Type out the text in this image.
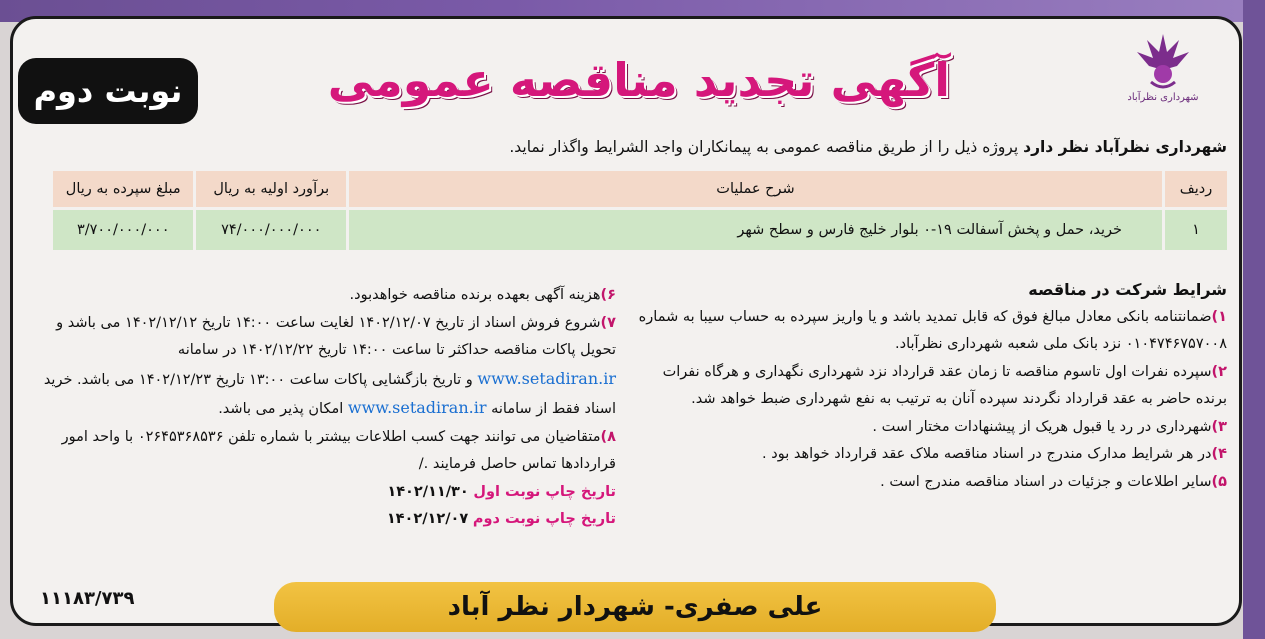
شهرداری نظرآباد
آگهی تجدید مناقصه عمومی
نوبت دوم
شهرداری نظرآباد نظر دارد پروژه ذیل را از طریق مناقصه عمومی به پیمانکاران واجد الشرایط واگذار نماید.
ردیف	شرح عملیات	برآورد اولیه به ریال	مبلغ سپرده به ریال
۱	خرید، حمل و پخش آسفالت ۱۹-۰ بلوار خلیج فارس و سطح شهر	۷۴/۰۰۰/۰۰۰/۰۰۰	۳/۷۰۰/۰۰۰/۰۰۰
شرایط شرکت در مناقصه
۱)ضمانتنامه بانکی معادل مبالغ فوق که قابل تمدید باشد و یا واریز سپرده به حساب سیبا به شماره ۰۱۰۴۷۴۶۷۵۷۰۰۸ نزد بانک ملی شعبه شهرداری نظرآباد.
۲)سپرده نفرات اول تاسوم مناقصه تا زمان عقد قرارداد نزد شهرداری نگهداری و هرگاه نفرات برنده حاضر به عقد قرارداد نگردند سپرده آنان به ترتیب به نفع شهرداری ضبط خواهد شد.
۳)شهرداری در رد یا قبول هریک از پیشنهادات مختار است .
۴)در هر شرایط مدارک مندرج در اسناد مناقصه ملاک عقد قرارداد خواهد بود .
۵)سایر اطلاعات و جزئیات در اسناد مناقصه مندرج است .
۶)هزینه آگهی بعهده برنده مناقصه خواهدبود.
۷)شروع فروش اسناد از تاریخ ۱۴۰۲/۱۲/۰۷ لغایت ساعت ۱۴:۰۰ تاریخ ۱۴۰۲/۱۲/۱۲ می باشد و تحویل پاکات مناقصه حداکثر تا ساعت ۱۴:۰۰ تاریخ ۱۴۰۲/۱۲/۲۲ در سامانه www.setadiran.ir و تاریخ بازگشایی پاکات ساعت ۱۳:۰۰ تاریخ ۱۴۰۲/۱۲/۲۳ می باشد. خرید اسناد فقط از سامانه www.setadiran.ir امکان پذیر می باشد.
۸)متقاضیان می توانند جهت کسب اطلاعات بیشتر با شماره تلفن ۰۲۶۴۵۳۶۸۵۳۶ با واحد امور قراردادها تماس حاصل فرمایند ./
تاریخ چاپ نوبت اول ۱۴۰۲/۱۱/۳۰
تاریخ چاپ نوبت دوم ۱۴۰۲/۱۲/۰۷
۱۱۱۸۳/۷۳۹	علی صفری- شهردار نظر آباد
